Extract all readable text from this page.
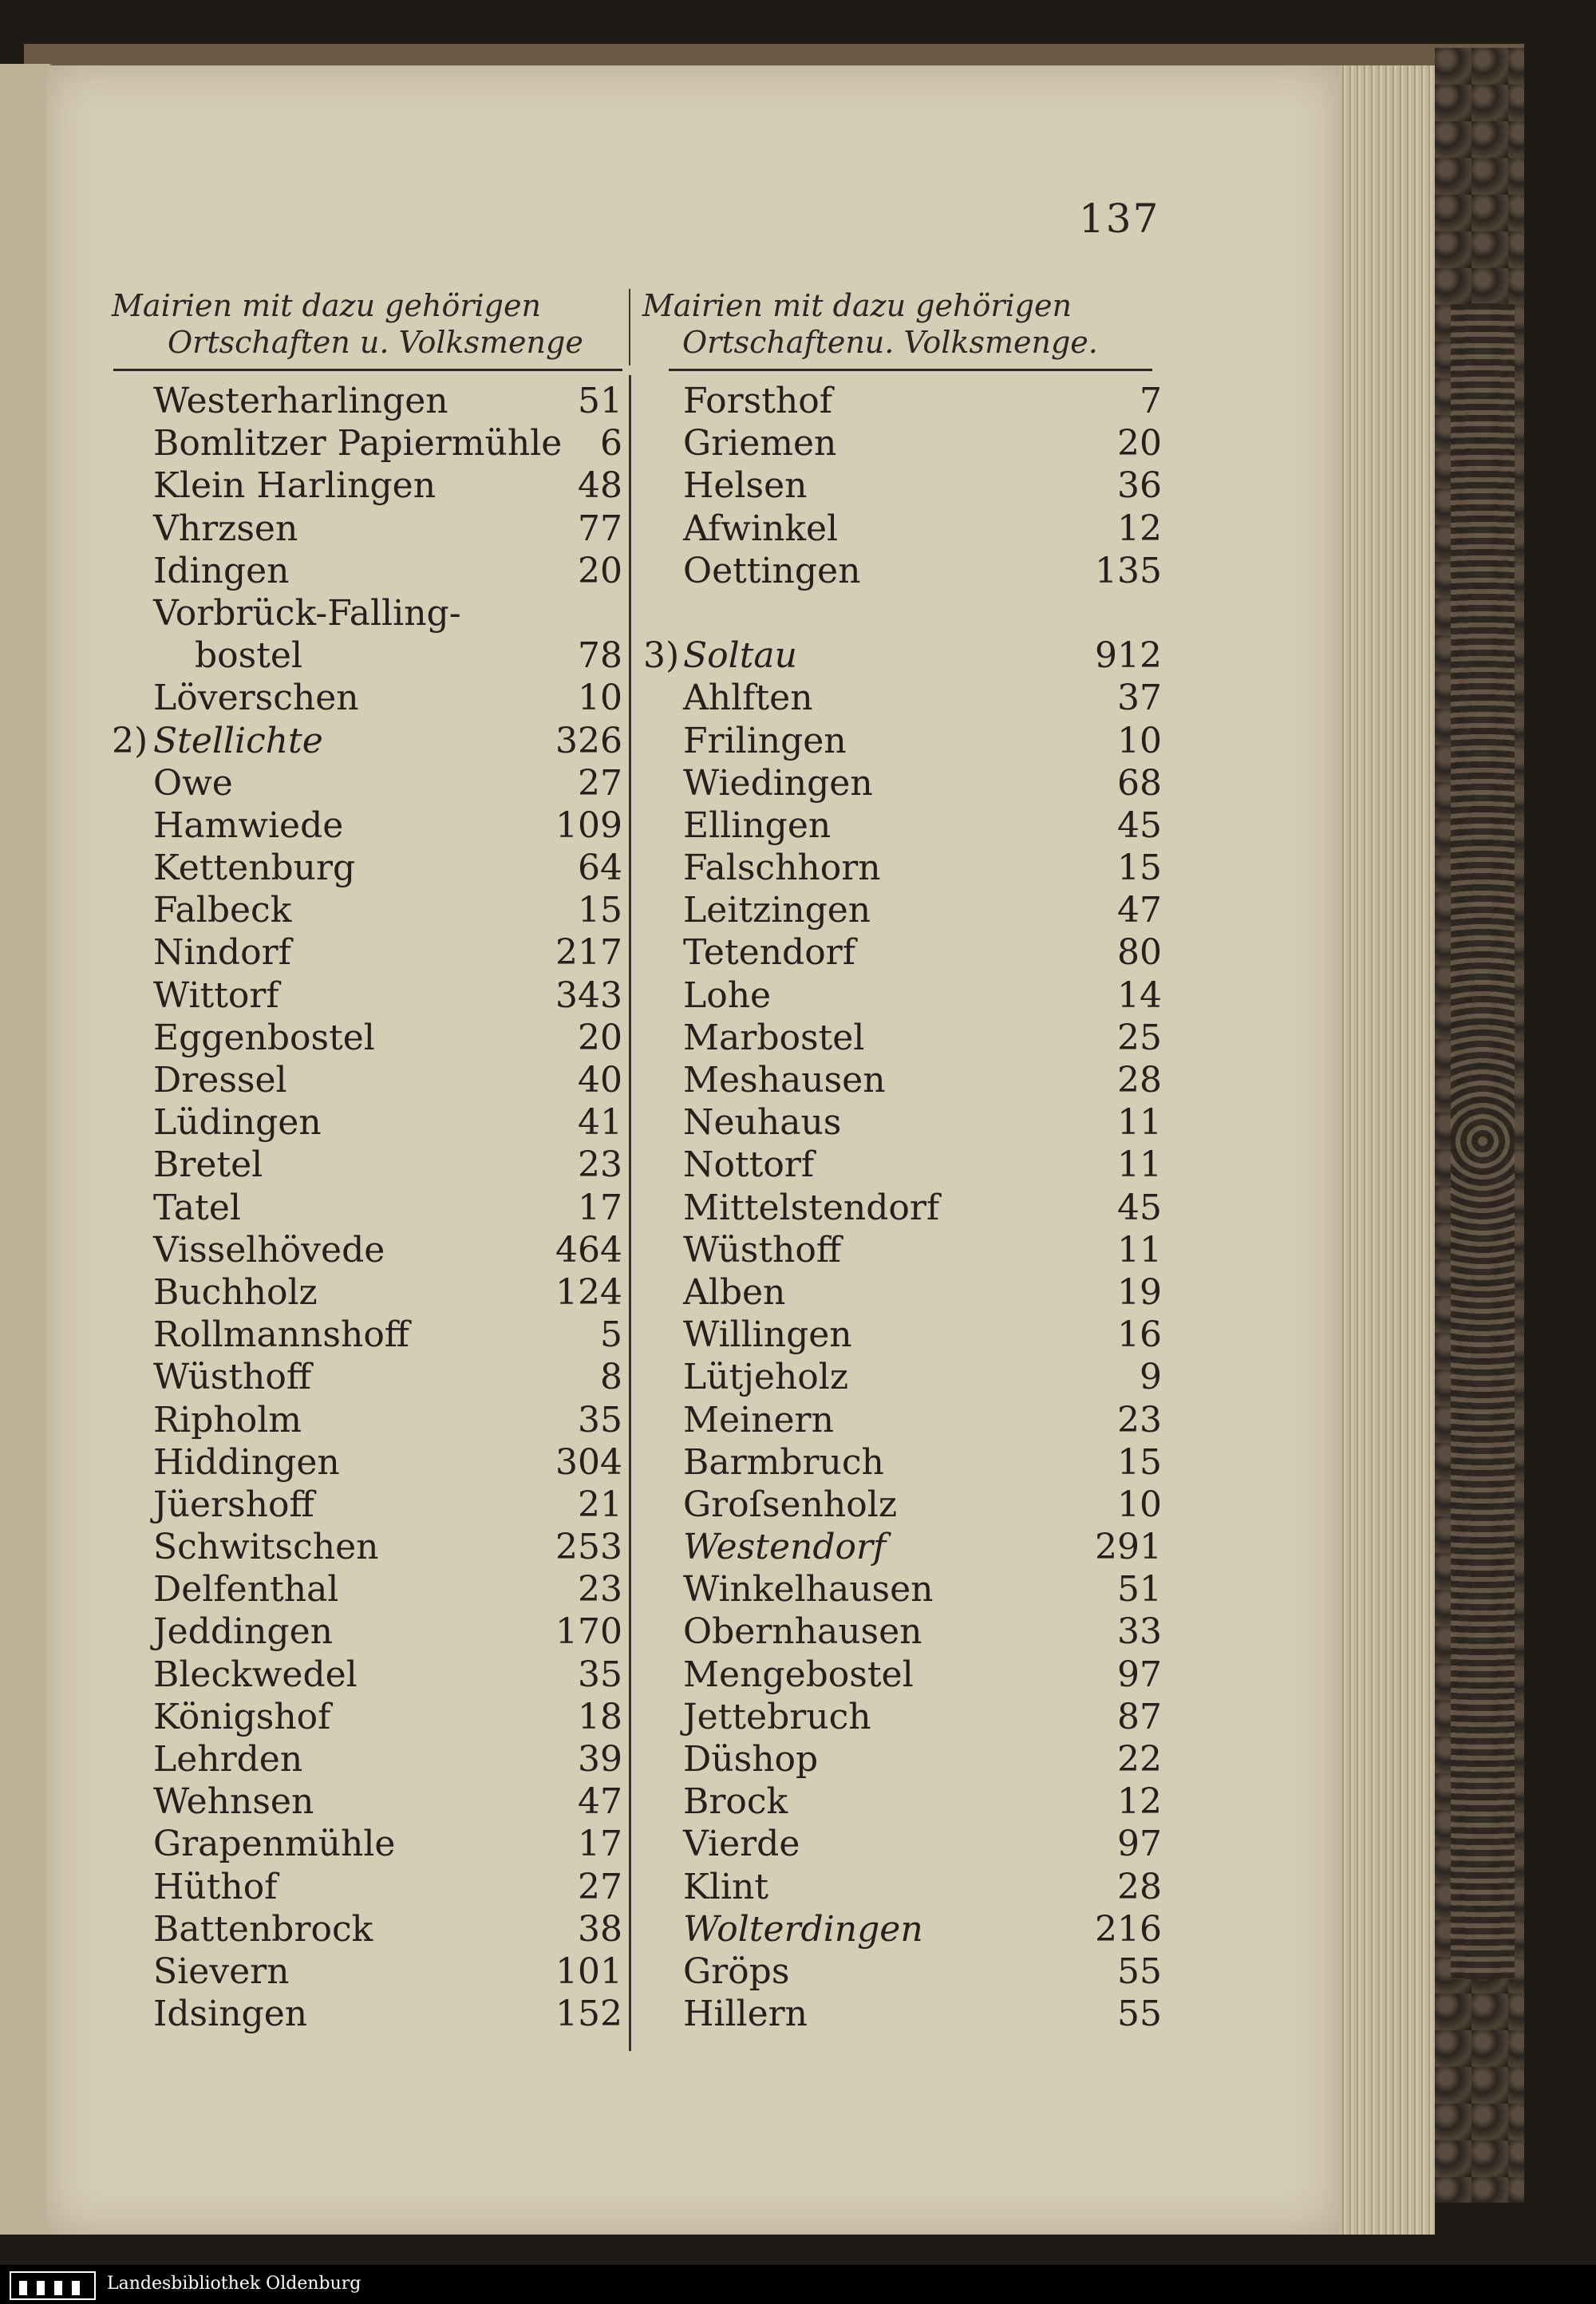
137
Mairien mit dazu gehörigen
Ortschaften u. Volksmenge
Mairien mit dazu gehörigen
Ortschaftenu. Volksmenge.
Westerharlingen	51
Bomlitzer Papiermühle 6
Klein Harlingen	48
Vhrzsen	77
Idingen	20
Vorbrück-Falling-
bostel	78
Löverschen	10
2) Stellichte	326
Owe	27
Hamwiede	109
Kettenburg	64
Falbeck	15
Nindorf	217
Wittorf	343
Eggenbostel	20
Dressel	40
Lüdingen	41
Bretel	23
Tatel	17
Visselhövede	464
Buchholz	124
Rollmannshoff	5
Wüsthoff	8
Ripholm	35
Hiddingen	304
Jüershoff	21
Schwitschen	253
Delfenthal	23
Jeddingen	170
Bleckwedel	35
Königshof	18
Lehrden	39
Wehnsen	47
Grapenmühle	17
Hüthof	27
Battenbrock	38
Sievern	101
Idsingen	152
Forsthof	7
Griemen	20
Helsen	36
Afwinkel	12
Oettingen	135
3) Soltau	912
Ahlften	37
Frilingen	10
Wiedingen	68
Ellingen	45
Falschhorn	15
Leitzingen	47
Tetendorf	80
Lohe	14
Marbostel	25
Meshausen	28
Neuhaus	11
Nottorf	11
Mittelstendorf	45
Wüsthoff	11
Alben	19
Willingen	16
Lütjeholz	9
Meinern	23
Barmbruch	15
Groſsenholz	10
Westendorf	291
Winkelhausen	51
Obernhausen	33
Mengebostel	97
Jettebruch	87
Düshop	22
Brock	12
Vierde	97
Klint	28
Wolterdingen	216
Gröps	55
Hillern	55
Landesbibliothek Oldenburg
